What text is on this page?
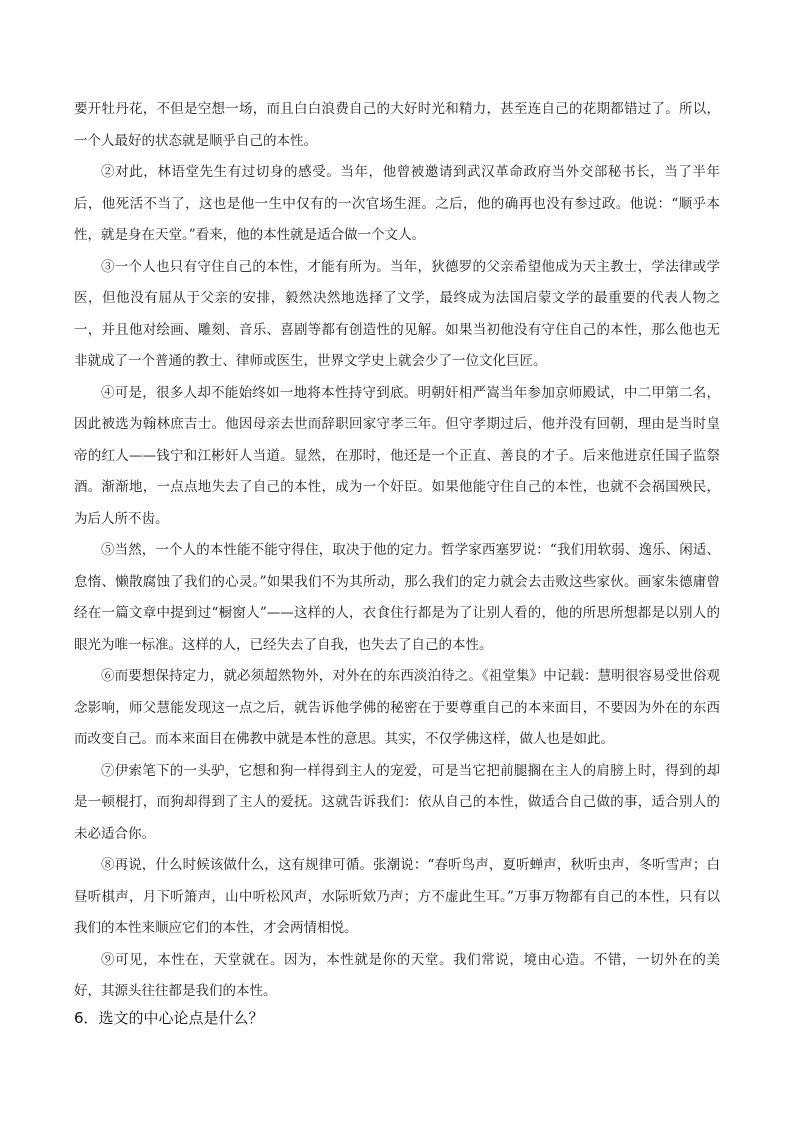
要开牡丹花，不但是空想一场，而且白白浪费自己的大好时光和精力，甚至连自己的花期都错过了。所以，一个人最好的状态就是顺乎自己的本性。

②对此，林语堂先生有过切身的感受。当年，他曾被邀请到武汉革命政府当外交部秘书长，当了半年后，他死活不当了，这也是他一生中仅有的一次官场生涯。之后，他的确再也没有参过政。他说：“顺乎本性，就是身在天堂。”看来，他的本性就是适合做一个文人。

③一个人也只有守住自己的本性，才能有所为。当年，狄德罗的父亲希望他成为天主教士，学法律或学医，但他没有屈从于父亲的安排，毅然决然地选择了文学，最终成为法国启蒙文学的最重要的代表人物之一，并且他对绘画、雕刻、音乐、喜剧等都有创造性的见解。如果当初他没有守住自己的本性，那么他也无非就成了一个普通的教士、律师或医生，世界文学史上就会少了一位文化巨匠。

④可是，很多人却不能始终如一地将本性持守到底。明朝奸相严嵩当年参加京师殿试，中二甲第二名，因此被选为翰林庶吉士。他因母亲去世而辞职回家守孝三年。但守孝期过后，他并没有回朝，理由是当时皇帝的红人——钱宁和江彬奸人当道。显然，在那时，他还是一个正直、善良的才子。后来他进京任国子监祭酒。渐渐地，一点点地失去了自己的本性，成为一个奸臣。如果他能守住自己的本性，也就不会祸国殃民，为后人所不齿。

⑤当然，一个人的本性能不能守得住，取决于他的定力。哲学家西塞罗说：“我们用软弱、逸乐、闲适、怠惰、懒散腐蚀了我们的心灵。”如果我们不为其所动，那么我们的定力就会去击败这些家伙。画家朱德庸曾经在一篇文章中提到过“橱窗人”——这样的人，衣食住行都是为了让别人看的，他的所思所想都是以别人的眼光为唯一标准。这样的人，已经失去了自我，也失去了自己的本性。

⑥而要想保持定力，就必须超然物外，对外在的东西淡泊待之。《祖堂集》中记载：慧明很容易受世俗观念影响，师父慧能发现这一点之后，就告诉他学佛的秘密在于要尊重自己的本来面目，不要因为外在的东西而改变自己。而本来面目在佛教中就是本性的意思。其实，不仅学佛这样，做人也是如此。

⑦伊索笔下的一头驴，它想和狗一样得到主人的宠爱，可是当它把前腿搁在主人的肩膀上时，得到的却是一顿棍打，而狗却得到了主人的爱抚。这就告诉我们：依从自己的本性，做适合自己做的事，适合别人的未必适合你。

⑧再说，什么时候该做什么，这有规律可循。张潮说：“春听鸟声，夏听蝉声，秋听虫声，冬听雪声；白昼听棋声，月下听箫声，山中听松风声，水际听欸乃声；方不虚此生耳。”万事万物都有自己的本性，只有以我们的本性来顺应它们的本性，才会两情相悦。

⑨可见，本性在，天堂就在。因为，本性就是你的天堂。我们常说，境由心造。不错，一切外在的美好，其源头往往都是我们的本性。

6．选文的中心论点是什么？
